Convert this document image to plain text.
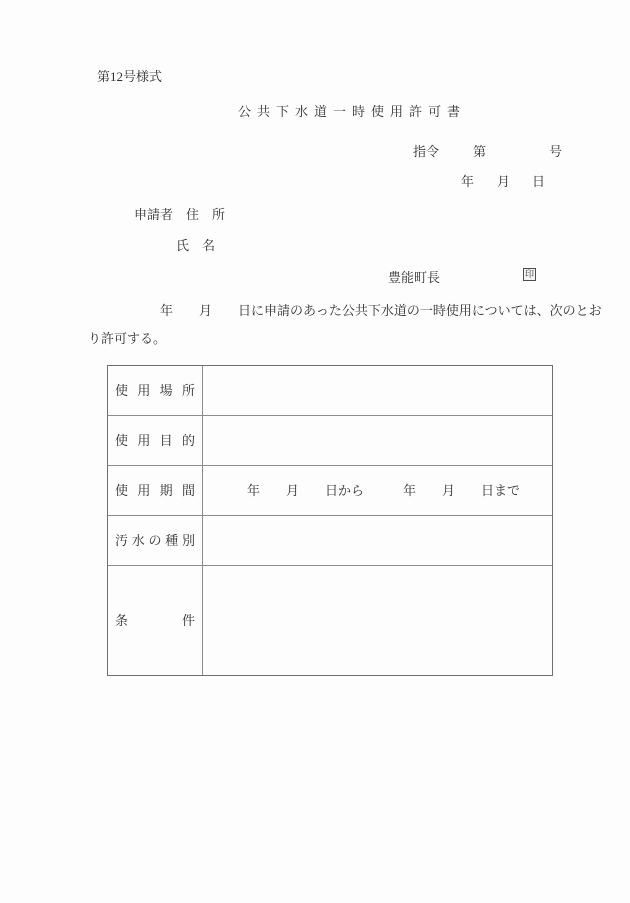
第12号様式
公共下水道一時使用許可書
指令	第	号
年 月 日
申請者　住　所
氏　名
豊能町長	印
年　　月　　日に申請のあった公共下水道の一時使用については、次のとお
り許可する。
使用場所
使用目的
使用期間	年　　月　　日から　　　年　　月　　日まで
汚水の種別
条件
